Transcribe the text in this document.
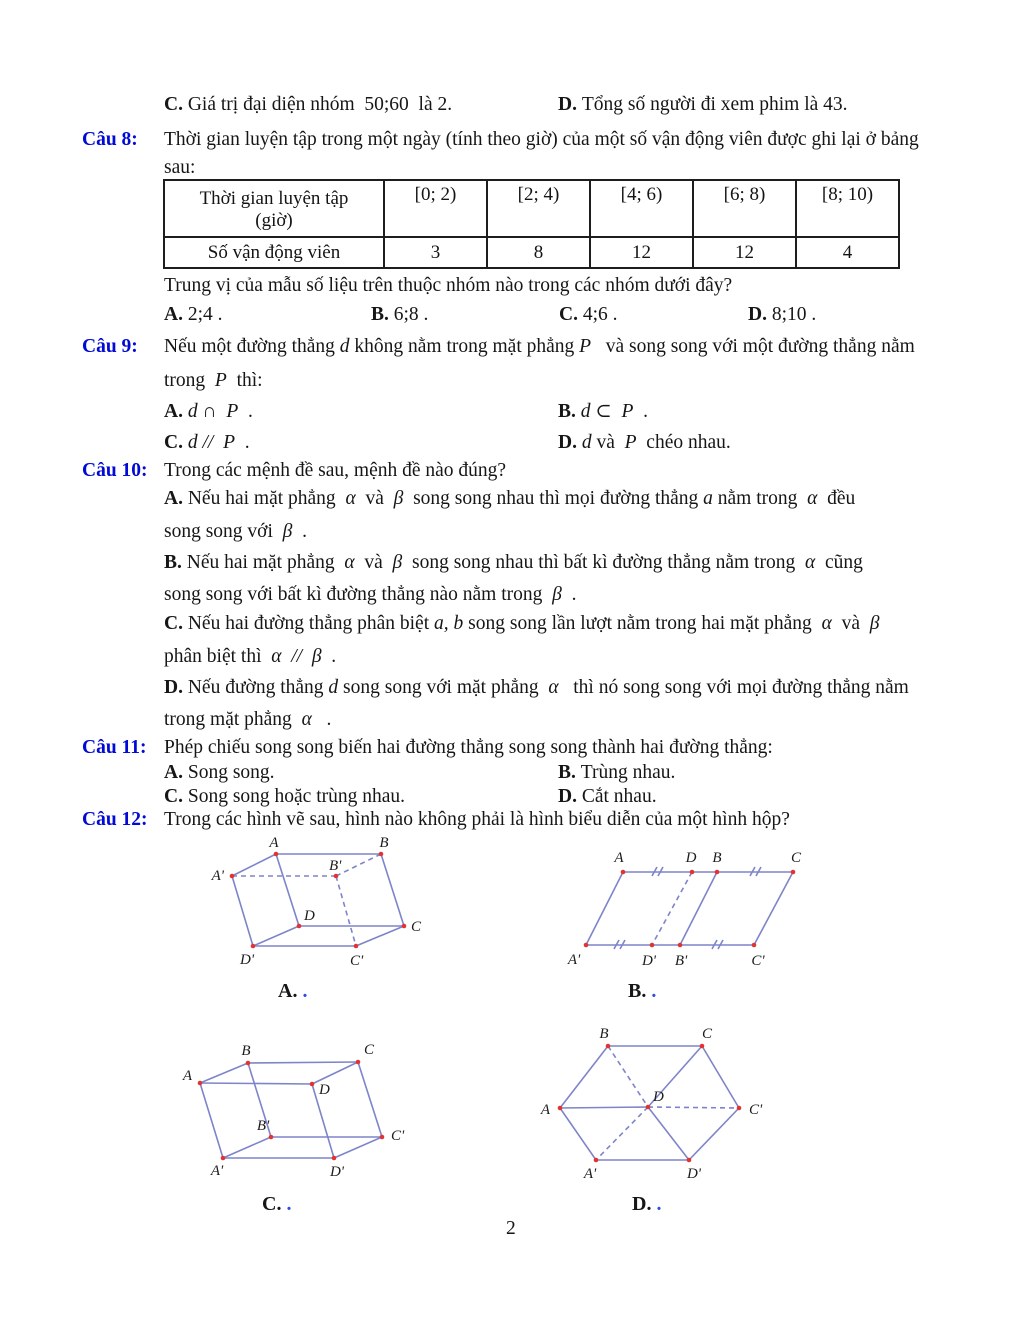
C. Giá trị đại diện nhóm  50;60  là 2.	D. Tổng số người đi xem phim là 43.
Câu 8: Thời gian luyện tập trong một ngày (tính theo giờ) của một số vận động viên được ghi lại ở bảng
sau:
Thời gian luyện tập
(giờ)	[0; 2)	[2; 4)	[4; 6)	[6; 8)	[8; 10)
Số vận động viên	3	8	12	12	4
Trung vị của mẫu số liệu trên thuộc nhóm nào trong các nhóm dưới đây?
A. 2;4 .	B. 6;8 .	C. 4;6 .	D. 8;10 .
Câu 9: Nếu một đường thẳng d không nằm trong mặt phẳng P   và song song với một đường thẳng nằm
trong  P  thì:
A. d ∩  P  .	B. d ⊂  P  .
C. d //  P  .	D. d và  P  chéo nhau.
Câu 10: Trong các mệnh đề sau, mệnh đề nào đúng?
A. Nếu hai mặt phẳng  α  và  β  song song nhau thì mọi đường thẳng a nằm trong  α  đều
song song với  β  .
B. Nếu hai mặt phẳng  α  và  β  song song nhau thì bất kì đường thẳng nằm trong  α  cũng
song song với bất kì đường thẳng nào nằm trong  β  .
C. Nếu hai đường thẳng phân biệt a, b song song lần lượt nằm trong hai mặt phẳng  α  và  β
phân biệt thì  α  //  β  .
D. Nếu đường thẳng d song song với mặt phẳng  α   thì nó song song với mọi đường thẳng nằm
trong mặt phẳng  α   .
Câu 11: Phép chiếu song song biến hai đường thẳng song song thành hai đường thẳng:
A. Song song.	B. Trùng nhau.
C. Song song hoặc trùng nhau.	D. Cắt nhau.
Câu 12: Trong các hình vẽ sau, hình nào không phải là hình biểu diễn của một hình hộp?
A	B
A'
B'
D
C
D'	C'
A. .
A	D B	C
A'	D' B'	C'
B. .
B	C
A
D
B'
C'
A'	D'
C. .
B	C
A
D
C'
A'	D'
D. .
2
